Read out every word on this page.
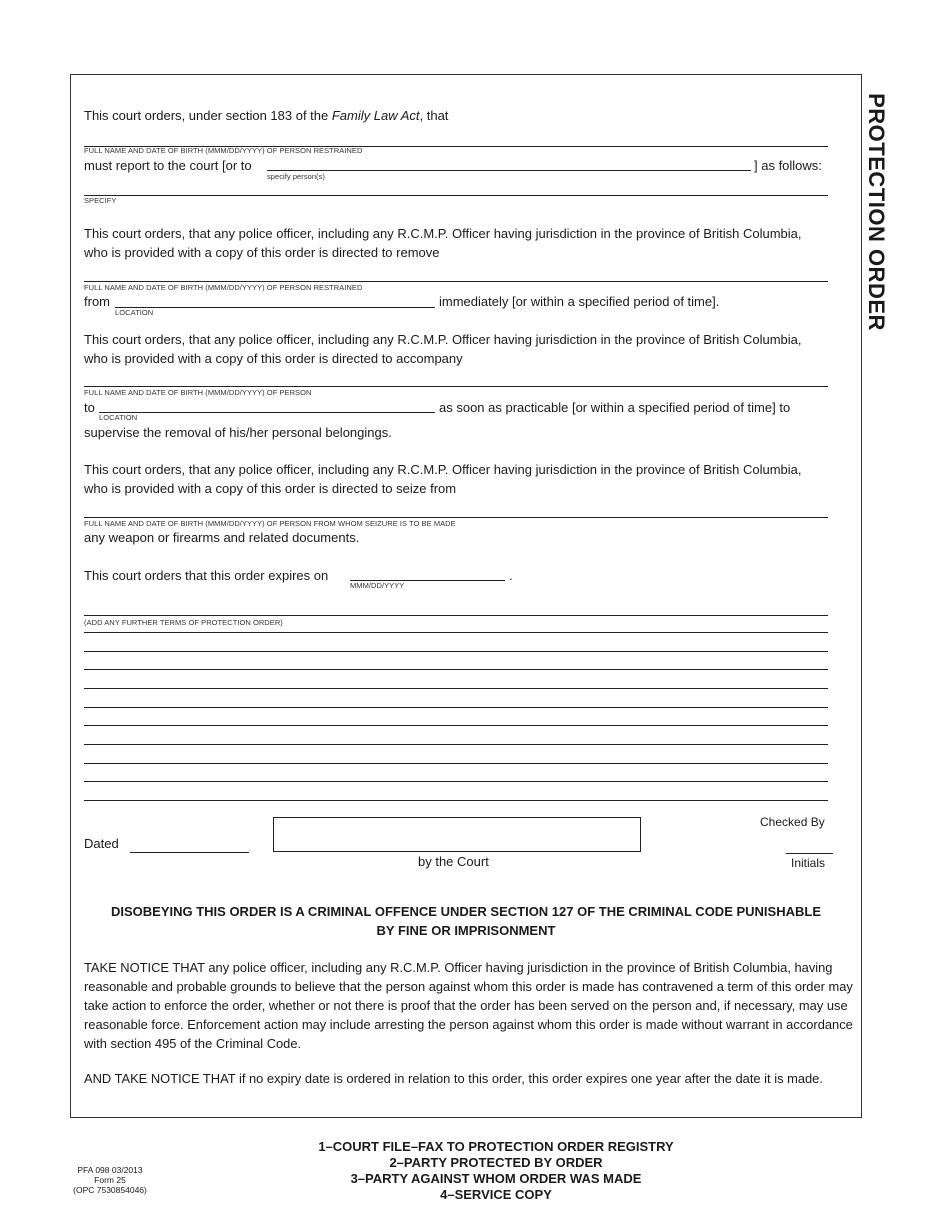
PROTECTION ORDER
This court orders, under section 183 of the Family Law Act, that
FULL NAME AND DATE OF BIRTH (MMM/DD/YYYY) OF PERSON RESTRAINED
must report to the court [or to
specify person(s)
] as follows:
SPECIFY
This court orders, that any police officer, including any R.C.M.P. Officer having jurisdiction in the province of British Columbia, who is provided with a copy of this order is directed to remove
FULL NAME AND DATE OF BIRTH (MMM/DD/YYYY) OF PERSON RESTRAINED
from
LOCATION
immediately [or within a specified period of time].
This court orders, that any police officer, including any R.C.M.P. Officer having jurisdiction in the province of British Columbia, who is provided with a copy of this order is directed to accompany
FULL NAME AND DATE OF BIRTH (MMM/DD/YYYY) OF PERSON
to
LOCATION
as soon as practicable [or within a specified period of time] to
supervise the removal of his/her personal belongings.
This court orders, that any police officer, including any R.C.M.P. Officer having jurisdiction in the province of British Columbia, who is provided with a copy of this order is directed to seize from
FULL NAME AND DATE OF BIRTH (MMM/DD/YYYY) OF PERSON FROM WHOM SEIZURE IS TO BE MADE
any weapon or firearms and related documents.
This court orders that this order expires on
MMM/DD/YYYY
.
(ADD ANY FURTHER TERMS OF PROTECTION ORDER)
Dated
by the Court
Checked By
Initials
DISOBEYING THIS ORDER IS A CRIMINAL OFFENCE UNDER SECTION 127 OF THE CRIMINAL CODE PUNISHABLE
BY FINE OR IMPRISONMENT
TAKE NOTICE THAT any police officer, including any R.C.M.P. Officer having jurisdiction in the province of British Columbia, having reasonable and probable grounds to believe that the person against whom this order is made has contravened a term of this order may take action to enforce the order, whether or not there is proof that the order has been served on the person and, if necessary, may use reasonable force. Enforcement action may include arresting the person against whom this order is made without warrant in accordance with section 495 of the Criminal Code.
AND TAKE NOTICE THAT if no expiry date is ordered in relation to this order, this order expires one year after the date it is made.
PFA 098 03/2013
Form 25
(OPC 7530854046)
1–COURT FILE–FAX TO PROTECTION ORDER REGISTRY
2–PARTY PROTECTED BY ORDER
3–PARTY AGAINST WHOM ORDER WAS MADE
4–SERVICE COPY
